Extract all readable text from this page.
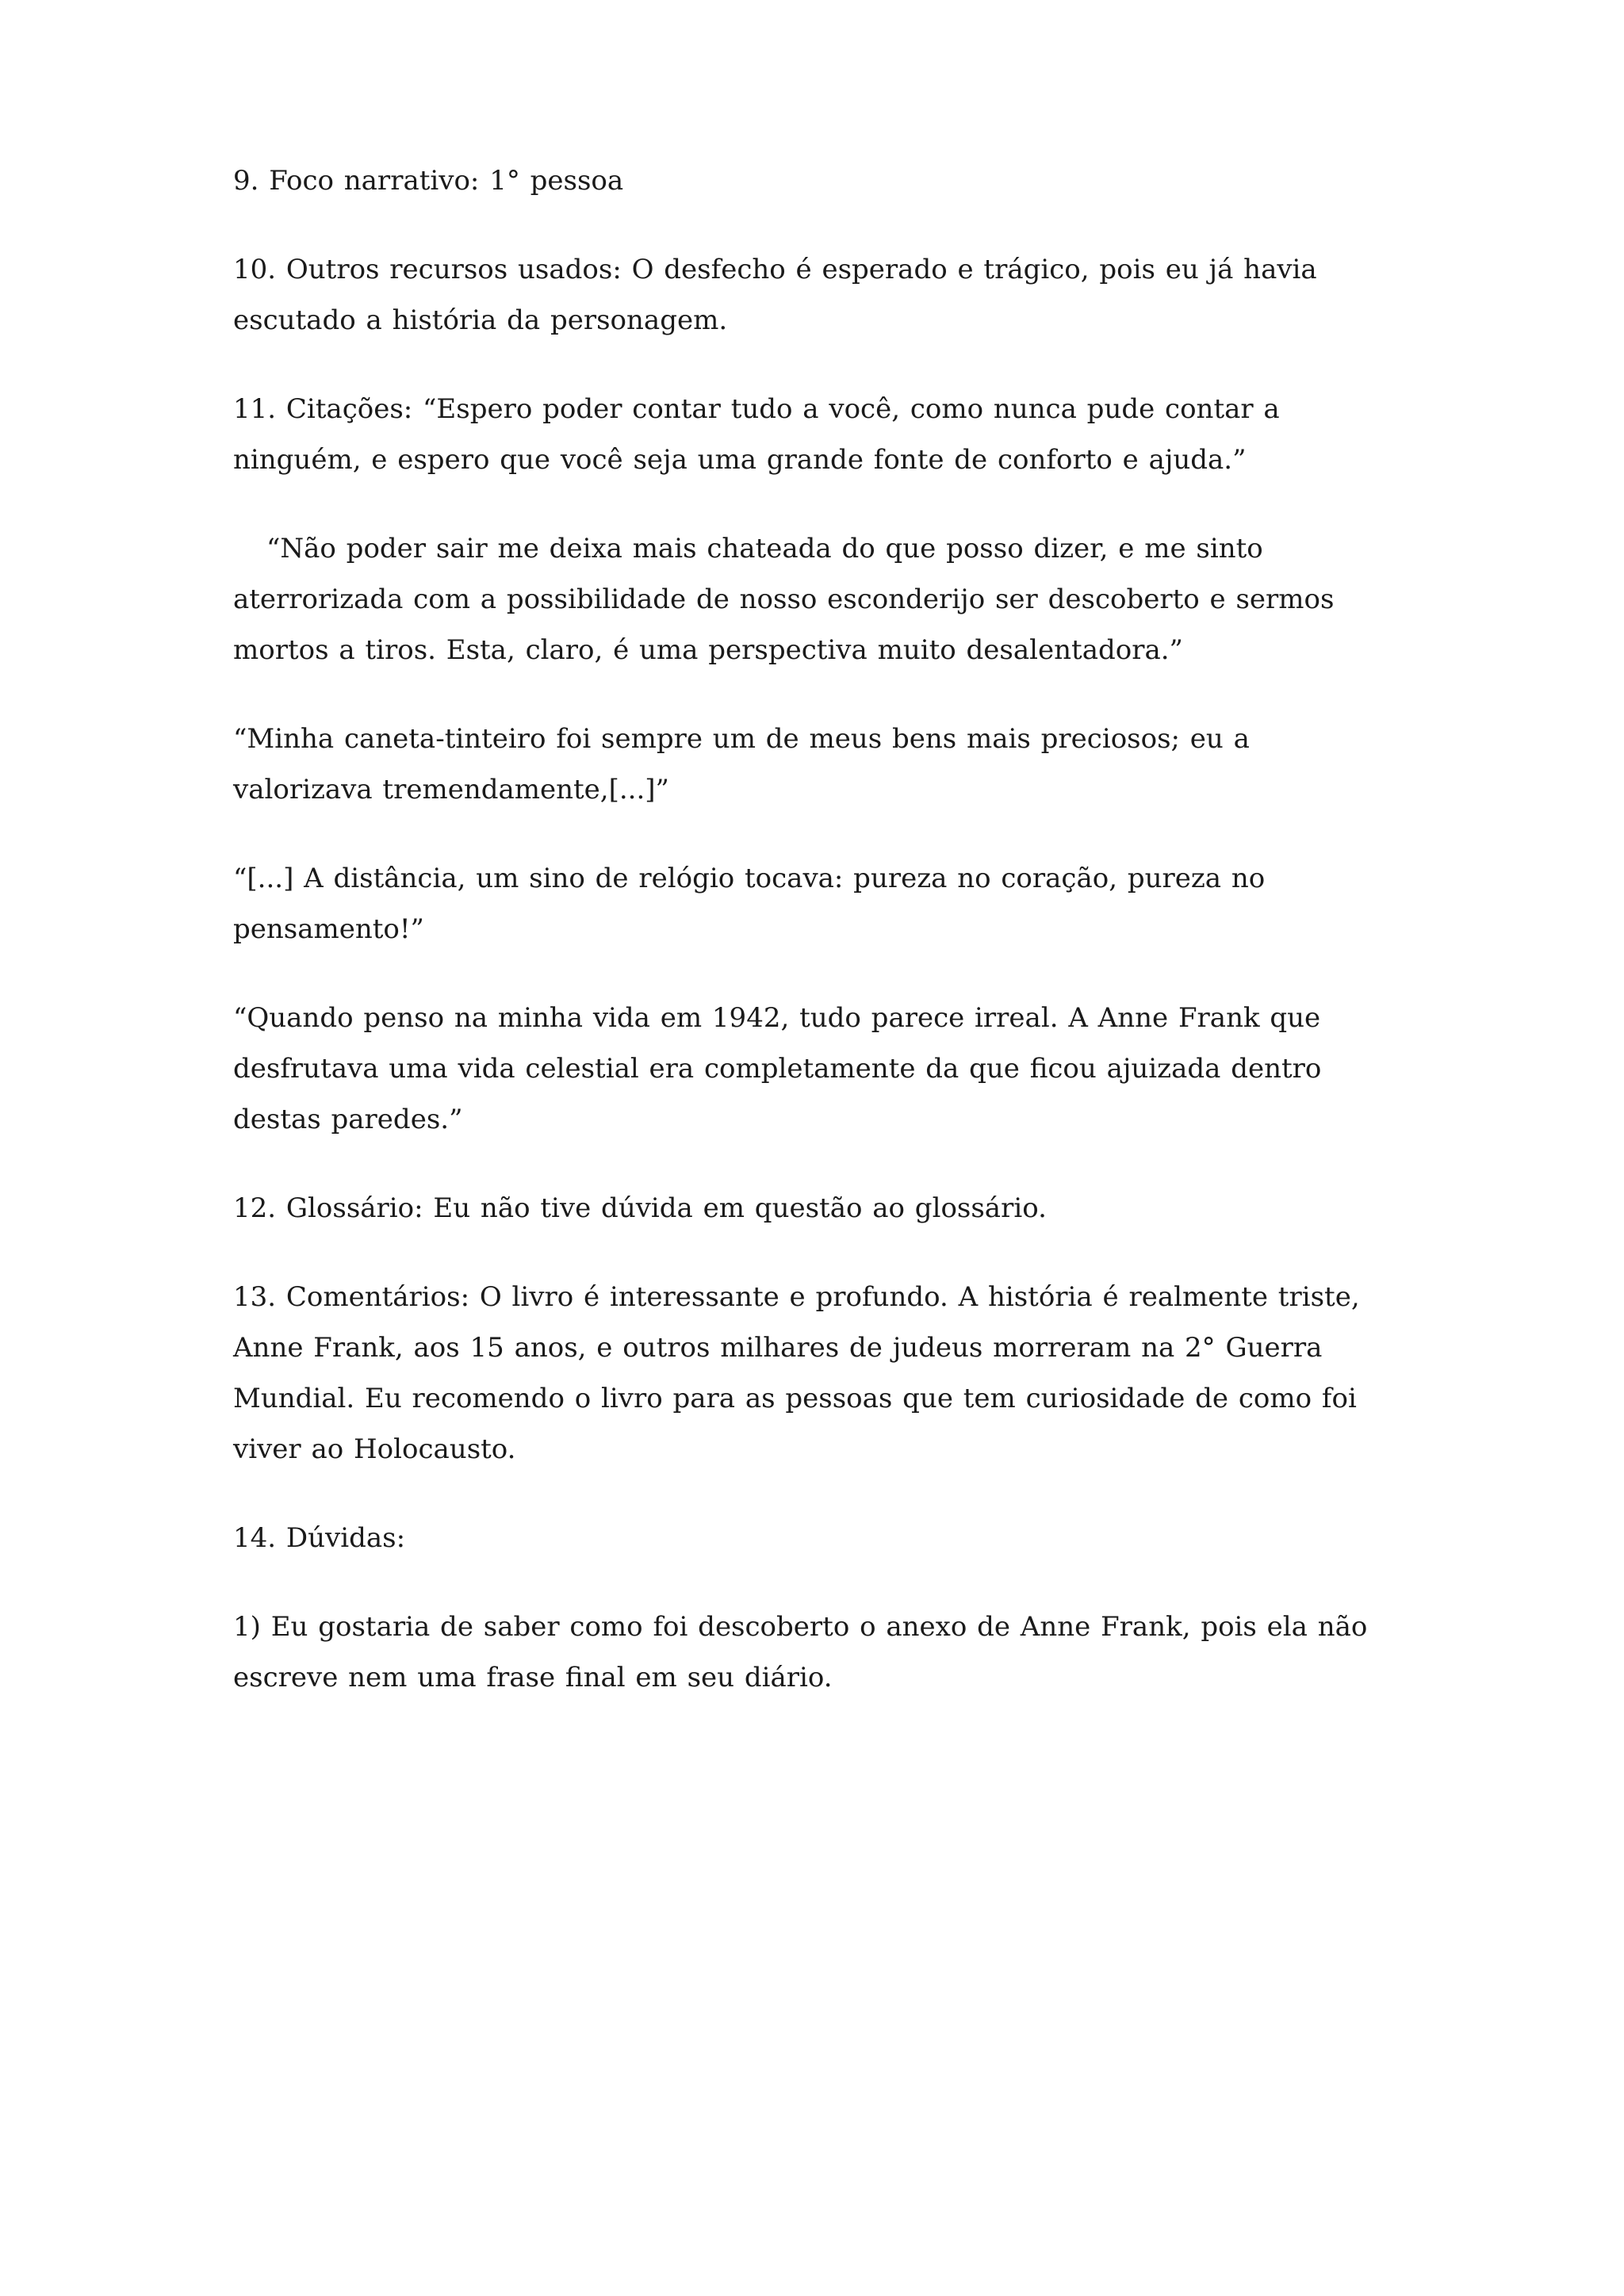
9. Foco narrativo: 1° pessoa

10. Outros recursos usados: O desfecho é esperado e trágico, pois eu já havia escutado a história da personagem.

11. Citações: “Espero poder contar tudo a você, como nunca pude contar a ninguém, e espero que você seja uma grande fonte de conforto e ajuda.”

“Não poder sair me deixa mais chateada do que posso dizer, e me sinto aterrorizada com a possibilidade de nosso esconderijo ser descoberto e sermos mortos a tiros. Esta, claro, é uma perspectiva muito desalentadora.”

“Minha caneta-tinteiro foi sempre um de meus bens mais preciosos; eu a valorizava tremendamente,[...]”

“[...] A distância, um sino de relógio tocava: pureza no coração, pureza no pensamento!”

“Quando penso na minha vida em 1942, tudo parece irreal. A Anne Frank que desfrutava uma vida celestial era completamente da que ficou ajuizada dentro destas paredes.”

12. Glossário: Eu não tive dúvida em questão ao glossário.

13. Comentários: O livro é interessante e profundo. A história é realmente triste, Anne Frank, aos 15 anos, e outros milhares de judeus morreram na 2° Guerra Mundial. Eu recomendo o livro para as pessoas que tem curiosidade de como foi viver ao Holocausto.

14. Dúvidas:

1) Eu gostaria de saber como foi descoberto o anexo de Anne Frank, pois ela não escreve nem uma frase final em seu diário.
